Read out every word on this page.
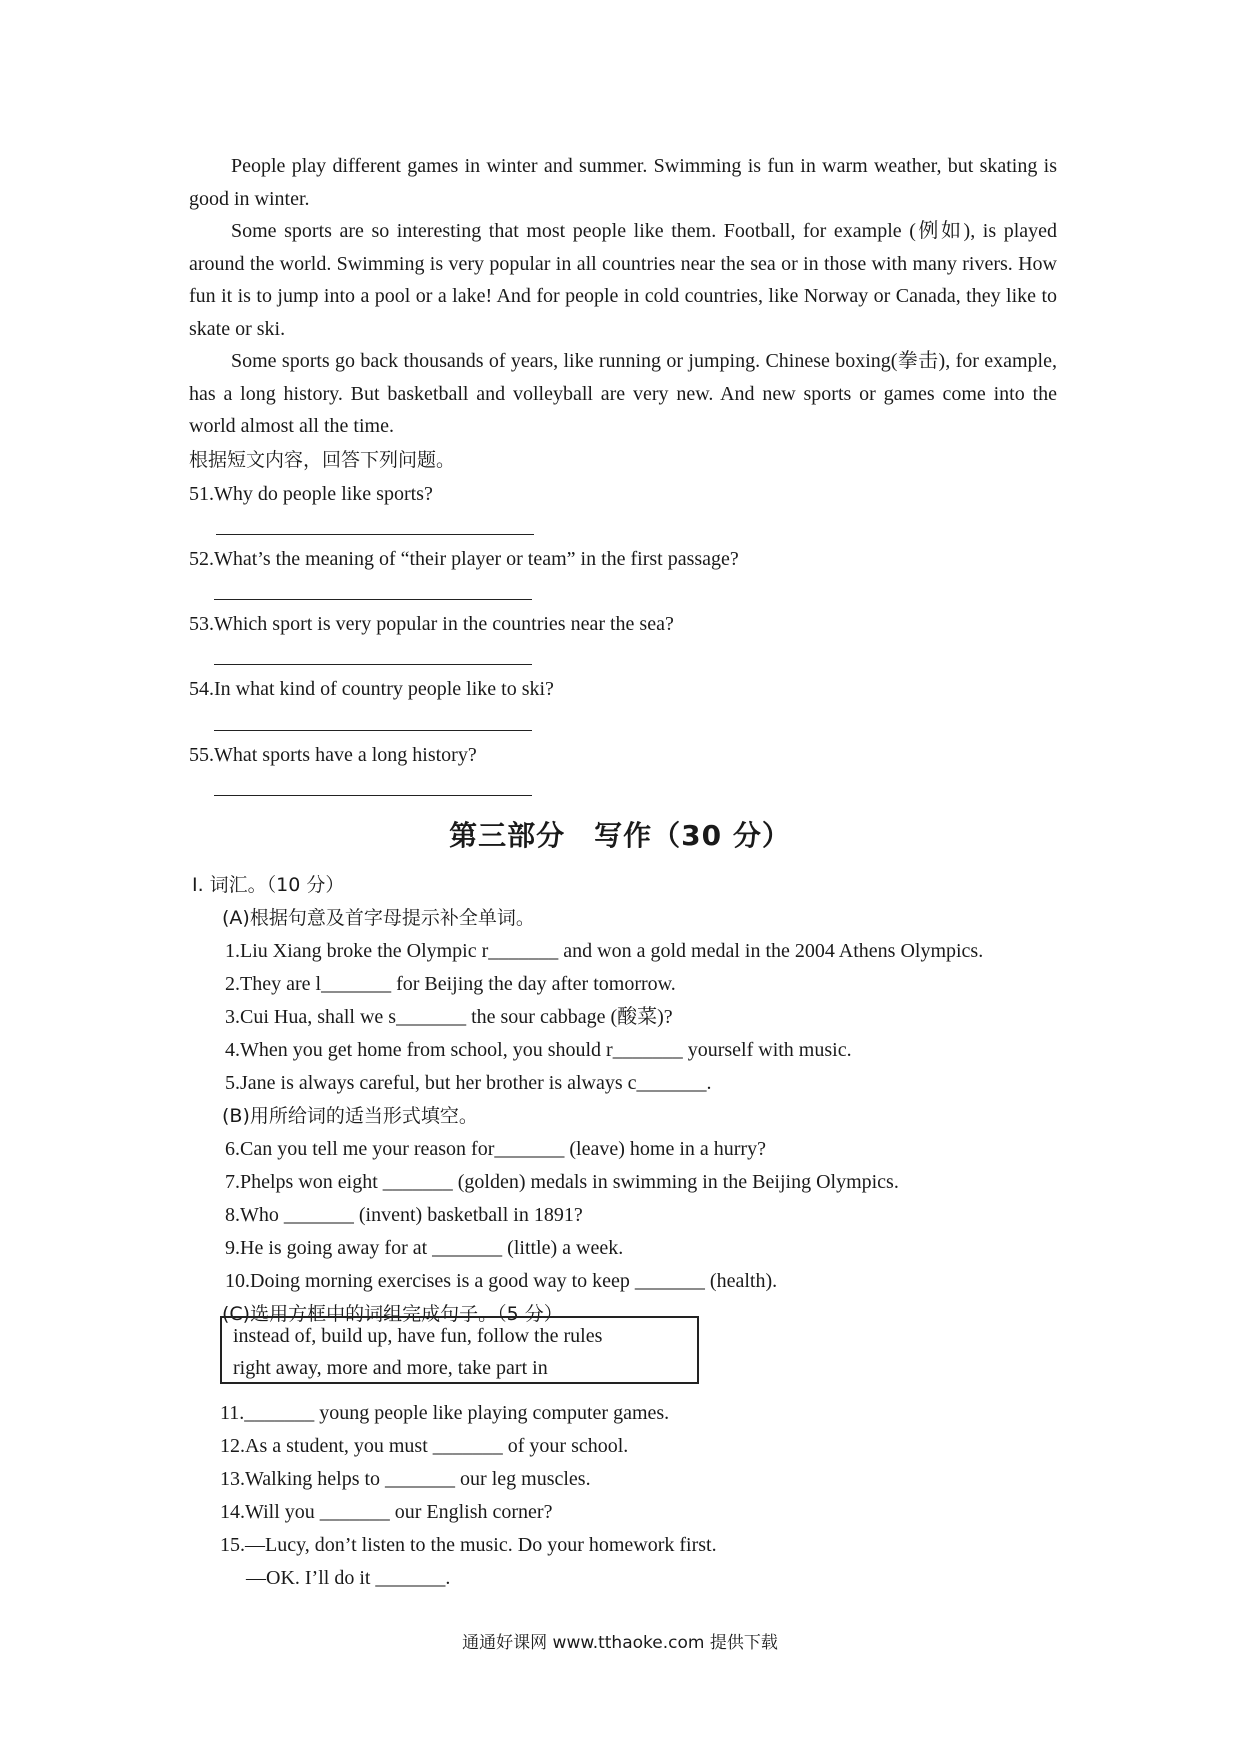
People play different games in winter and summer. Swimming is fun in warm weather, but skating is good in winter.
Some sports are so interesting that most people like them. Football, for example (例如), is played around the world. Swimming is very popular in all countries near the sea or in those with many rivers. How fun it is to jump into a pool or a lake! And for people in cold countries, like Norway or Canada, they like to skate or ski.
Some sports go back thousands of years, like running or jumping. Chinese boxing(拳击), for example, has a long history. But basketball and volleyball are very new. And new sports or games come into the world almost all the time.
根据短文内容，回答下列问题。
51.Why do people like sports?
52.What’s the meaning of “their player or team” in the first passage?
53.Which sport is very popular in the countries near the sea?
54.In what kind of country people like to ski?
55.What sports have a long history?
第三部分　写作（30 分）
Ⅰ. 词汇。（10 分）
(A)根据句意及首字母提示补全单词。
1.Liu Xiang broke the Olympic r_______ and won a gold medal in the 2004 Athens Olympics.
2.They are l_______ for Beijing the day after tomorrow.
3.Cui Hua, shall we s_______ the sour cabbage (酸菜)?
4.When you get home from school, you should r_______ yourself with music.
5.Jane is always careful, but her brother is always c_______.
(B)用所给词的适当形式填空。
6.Can you tell me your reason for_______ (leave) home in a hurry?
7.Phelps won eight _______ (golden) medals in swimming in the Beijing Olympics.
8.Who _______ (invent) basketball in 1891?
9.He is going away for at _______ (little) a week.
10.Doing morning exercises is a good way to keep _______ (health).
(C)选用方框中的词组完成句子。（5 分）
instead of, build up, have fun, follow the rules
right away, more and more, take part in
11._______ young people like playing computer games.
12.As a student, you must _______ of your school.
13.Walking helps to _______ our leg muscles.
14.Will you _______ our English corner?
15.—Lucy, don’t listen to the music. Do your homework first.
—OK. I’ll do it _______.
通通好课网 www.tthaoke.com 提供下载
